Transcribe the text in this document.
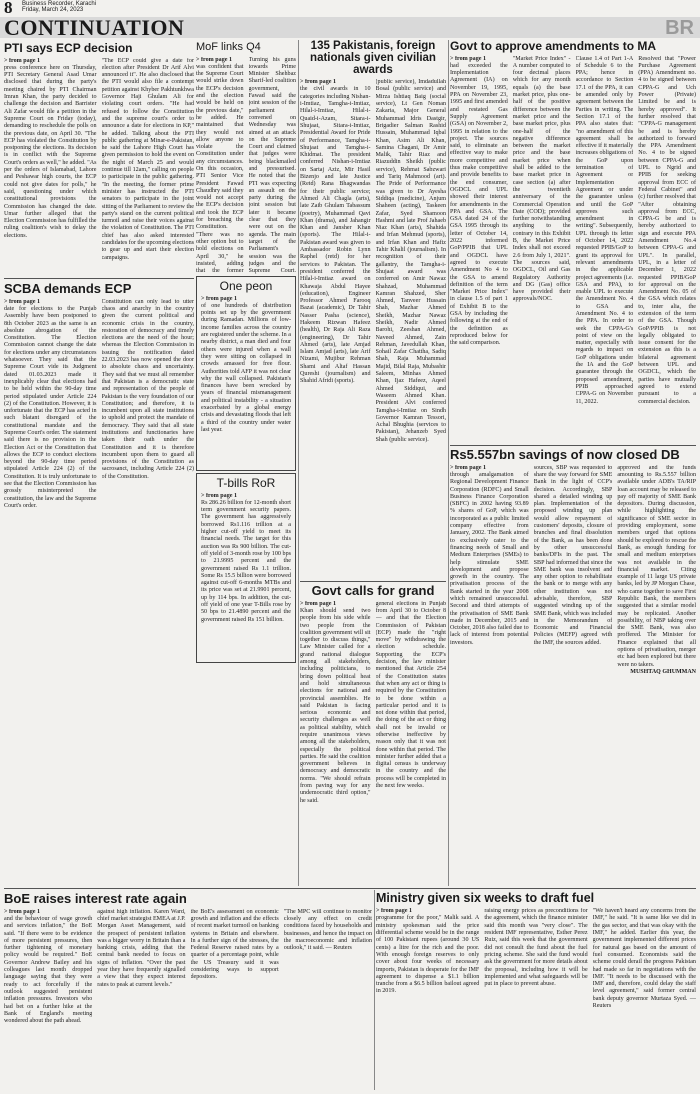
8 Business Recorder, Karachi
Friday, March 24, 2023
CONTINUATION	BR
PTI says ECP decision

> from page 1

press conference here on Thursday, PTI Secretary General Asad Umar disclosed that during the party's meeting chaired by PTI Chairman Imran Khan, the party decided to challenge the decision and Barrister Ali Zafar would file a petition in the Supreme Court on Friday (today), demanding to reschedule the polls on the previous date, on April 30. "The ECP has violated the Constitution by postponing the elections. Its decision is in conflict with the Supreme Court's orders as well," he added. "As per the orders of Islamabad, Lahore and Peshawar high courts, the ECP could not give dates for polls," he said, questioning under which constitutional provisions the Commission has changed the date. Umar further alleged that the Election Commission has fulfilled the ruling coalition's wish to delay the elections.

"The ECP could give a date for election after President Dr Arif Alvi announced it". He also disclosed that the PTI would also file a contempt petition against Khyber Pakhtunkhwa Governor Haji Ghulam Ali for violating court orders. "He had refused to follow the Constitution and the supreme court's order to announce a date for elections in KP," he added. Talking about the PTI public gathering at Minar-e-Pakistan, he said the Lahore High Court has given permission to hold the event on the night of March 25 and would continue till 12am," calling on people to participate in the public gathering. "In the meeting, the former prime minister has instructed the PTI senators to participate in the joint sitting of the Parliament to review the party's stand on the current political turmoil and raise their voices against the violation of Constitution. The PTI chief has also asked interested candidates for the upcoming elections to gear up and start their election campaigns.

MoF links Q4

> from page 1

was confident that the Supreme Court would strike down the ECP's decision and the election would be held on the previous date," he added. He maintained that they would not allow anyone to violate the Constitution under any circumstances. On this occasion, PTI Senior Vice President Fawad Chaudhry said they would not accept the ECP's decision and took the ECP for breaching the Constitution. "There was no other option but to hold elections on April 30," he insisted, adding that the former

Turning his guns towards Prime Minister Shehbaz Sharif-led coalition government, Fawad said the joint session of the parliament convened on Wednesday was aimed at an attack on the Supreme Court and claimed that judges were being blackmailed and pressurised. He noted that the PTI was expecting an assault on the party during the joint session but later it became clear that they were out on the agenda. The main target of the Parliament's session was the judges and the Supreme Court.

135 Pakistanis, foreign nationals given civilian awards

> from page 1

the civil awards in 10 categories including Nishan-i-Imtiaz, Tamgha-i-Imtiaz, Hilal-i-Imtiaz, Hilal-i-Quaid-i-Azam, Sitara-i-Shujaat, Sitara-i-Imtiaz, Presidential Award for Pride of Performance, Tamgha-i-Shujaat and Tamgha-i-Khidmat. The president conferred Nishan-i-Imtiaz on Sartaj Aziz, Mir Hasil Bizenjo and late Justice (Retd) Rana Bhagwandas for their public service; Ahmed Ali Chagla (arts), late Zaib Ghulam Tabassum (poetry), Muhammad Qavi Khan (drama), and Jahangir Khan and Jansher Khan (sports). The Hilal-i-Pakistan award was given to Ambassador Robin Lynn Raphel (retd) for her services to Pakistan. The president conferred the Hilal-i-Imtiaz award on Khawaja Abdul Hayee (education), Engineer Professor Ahmed Farooq Bazai (academic), Dr Tahir Nasser Pasha (science), Hakeem Rizwan Hafeez (health), Dr Raja Ali Raza (engineering), Dr Tahir Ahmed (arts), late Amjad Islam Amjad (arts), late Arif Nizami, Mujibur Rehman Shami and Altaf Hassan Qureshi (journalism) and Shahid Afridi (sports).

(public service), Imdadullah Bosal (public service) and Mirza Ishtiaq Baig (social service), Lt Gen Noman Zakaria, Major General Muhammad Idris Dastgir, Brigadier Salman Rashid Hussain, Muhammad Iqbal Khan, Asim Ali Khan, Samina Chagani, Dr Amir Malik, Tahir Riaz and Riazuddin Sheikh (public service), Rehmat Sabzwari and Tariq Mahmood (art). The Pride of Performance was given to Dr Ayesha Siddiqa (medicine), Anjum Shaheen (acting), Taskeen Zafar, Syed Shamoon Hashmi and late Prof Jahaeb Niaz Khan (arts), Shahida and Irfan Mehmud (sports), and Irfan Khan and Hafiz Tahir Khalil (journalism). In recognition of their gallantry, the Tamgha-i-Shujaat award was conferred on Amir Nawaz Shahzad, Muhammad Kamran Shahzed, Sher Ahmed, Tanveer Hussain Shah, Mazhar Ahmed Sheikh, Mazhar Nawaz Sheikh, Nadir Ahmed Barohi, Zeeshan Ahmed, Naveed Ahmed, Zain Rehman, Javedullah Khan, Sohail Zafar Chattha, Sadiq Shah, Raja Muhammad Majid, Bilal Raja, Mubashir Saleem, Minhas Ahmed Khan, Ijaz Hafeez, Aqeel Ahmed Siddiqui, and Waseem Ahmed Khan. President Alvi conferred Tamgha-i-Imtiaz on Sindh Governor Kamran Tessori, Achal Bhughia (services to Pakistan), Jehanzeb Syed Shah (public service).

One peon

> from page 1

of one hundreds of distribution points set up by the government during Ramadan. Millions of low-income families across the country are registered under the scheme. In a nearby district, a man died and four others were injured when a wall they were sitting on collapsed in crowds amassed for free flour. Authorities told AFP it was not clear why the wall collapsed. Pakistan's finances have been wrecked by years of financial mismanagement and political instability - a situation exacerbated by a global energy crisis and devastating floods that left a third of the country under water last year.

T-bills RoR

> from page 1

Rs 286.26 billion for 12-month short term government security papers. The government has aggressively borrowed Rs1.116 trillion at a higher cut-off yield to meet its financial needs. The target for this auction was Rs 900 billion. The cut-off yield of 3-month rose by 100 bps to 21.9995 percent and the government raised Rs 1.1 trillion. Some Rs 15.5 billion were borrowed against cut-off 6-months MTBs and its price was set at 21.9901 percent, up by 114 bps. In addition, the cut-off yield of one year T-Bills rose by 50 bps to 21.4890 percent and the government raised Rs 151 billion.

SCBA demands ECP

> from page 1

date for elections to the Punjab Assembly have been postponed to 8th October 2023 as the same is an absolute abrogation of the Constitution. The Election Commission cannot change the date for elections under any circumstances whatsoever. They said that the Supreme Court vide its Judgment dated 01.03.2023 made it inexplicably clear that elections had to be held within the 90-day time period stipulated under Article 224 (2) of the Constitution. However, it is unfortunate that the ECP has acted in such blatant disregard of the constitutional mandate and the Supreme Court's order. The statement said there is no provision in the Election Act or the Constitution that allows the ECP to conduct elections beyond the 90-day time period stipulated Article 224 (2) of the Constitution. It is truly unfortunate to see that the Election Commission has grossly misinterpreted the constitution, the law and the Supreme Court's order.

Constitution can only lead to utter chaos and anarchy in the country given the current political and economic crisis in the country, restoration of democracy and timely elections are the need of the hour; whereas the Election Commission in issuing the notification dated 22.03.2023 has now opened the door to absolute chaos and uncertainty. They said that we must all remember that Pakistan is a democratic state and representation of the people of Pakistan is the very foundation of our Constitution; and therefore, it is incumbent upon all state institutions to uphold and protect the mandate of democracy. They said that all state institutions and functionaries have taken their oath under the Constitution and it is therefore incumbent upon them to guard all provisions of the Constitution as sacrosanct, including Article 224 (2) of the Constitution.

Govt to approve amendments to MA

> from page 1

had exceeded the Implementation Agreement (IA) on November 19, 1995, PPA on November 23, 1995 and first amended and restated Gas Supply Agreement (GSA) on November 2, 1995 in relation to the project. The sources said, to eliminate an effective way to make more competitive and thus make competitive and provide benefits to the end consumer, OGDCL and UPL showed their interest for amendments in the PPA and GSA. The GSA dated 24 of the GSA 1995 through its letter of October 14, 2022 informed GoP/PPIB that UPL and OGDCL have agreed to execute Amendment No 4 to the GSA to amend definition of the term "Market Price Index" in clause 1.5 of part 1 of Exhibit B to the GSA by including the following at the end of the definition as reproduced below for the said comparison.

"Market Price Index" - A number computed to four decimal places which for any month equals (a) the base market price, plus one-half of the positive difference between the market price and the base market price, plus one-half of the negative difference between the market price and the base market price when shall be added to the base market price in case section (a) after the twentieth anniversary of the Commercial Operation Date (COD); provided further notwithstanding anything to the contrary in this Exhibit B, the Market Price Index shall not exceed 2.6 from July 1, 2021". The sources said, OGDCL, Oil and Gas Regulatory Authority and DG (Gas) office have provided their approvals/NOC.

Clause 1.4 of Part 1-A of Schedule 6 to the PPA; hence in accordance to Section 17.1 of the PPA, it can be amended only by agreement between the Parties in writing. The Section 17.1 of the PPA also states that: "no amendment of this agreement shall be effective if it materially increases obligations of the GoP upon termination of Agreement or Implementation Agreement or under the guarantee unless and until the GoP approves such amendment in writing". Subsequently, UPL through its letter of October 14, 2022 requested PPIB/GoP to grant its approval for relevant amendments in the applicable project agreements (i.e. GSA and PPA), to enable UPL to execute the Amendment No. 4 to GSA and Amendment No. 4 to the PPA. In order to seek the CPPA-G's point of view on the matter, especially with regards to impact on GoP obligations under the IA and the GoP guarantee through the proposed amendment, PPIB approached CPPA-G on November 11, 2022.

Resolved that "Power Purchase Agreement (PPA) Amendment no. 4 to be signed between CPPA-G and Uch Power (Private) Limited be and is hereby approved". It further resolved that "CPPA-G management be and is hereby authorized to forward the PPA Amendment No. 4 to be signed between CPPA-G and UPL to Ngrid and PPIB for seeking approval from ECC of Federal Cabinet" and (c) further resolved that "After obtaining approval from ECC, CPPA-G be and is hereby authorized to sign and execute PPA Amendment No.4 between CPPA-G and UPL". In parallel, UPL, in a letter of December 1, 2022 requested PPIB/GoP for approval on the Amendment No. 05 of the GSA which relates to, inter alia, the extension of the term of the GSA. Though GoP/PPIB is not legally obligated to issue consent for the extension as this is a bilateral agreement between UPL and OGDCL, which the parties have mutually agreed to extend pursuant to a commercial decision.

Rs5.557bn savings of now closed DB

> from page 1

through amalgamation of Regional Development Finance Corporation (RDFC) and Small Business Finance Corporation (SBFC) in 2002 having 93.89 % shares of GoP, which was incorporated as a public limited company effective from January, 2002. The Bank aimed to exclusively cater to the financing needs of Small and Medium Enterprises (SMEs) to help stimulate SME development and propose growth in the country. The privatisation process of the Bank started in the year 2008 which remained unsuccessful. Second and third attempts of the privatisation of SME Bank made in December, 2015 and October, 2018 also failed due to lack of interest from potential investors.

sources, SBP was requested to share the way forward for SME Bank in the light of CCP's decision. Accordingly, SBP shared a detailed winding up plan. Implementation of the proposed winding up plan would allow repayment of customers' deposits, closure of branches and final dissolution of the Bank, as has been done by other unsuccessful banks/DFIs in the past. The SBP had informed that since the SME bank was insolvent and any other option to rehabilitate the bank or to merge with any other institution was not advisable, therefore, SBP suggested winding up of the SME Bank, which was included in the Memorandum of Economic and Financial Policies (MEFP) agreed with the IMF, the sources added.

approved and the funds amounting to Rs.5.557 billion available under ADB's TA/RIP loan account may be released to pay off majority of SME Bank depositors. During discussion, while highlighting the significance of SME sector in providing employment, some members urged that options should be explored to rescue the Bank, as enough funding for small and medium enterprises was not available in the financial market. Citing example of 11 large US private banks, led by JP Morgan Chase, who came together to save First Republic Bank, the members suggested that a similar model may be replicated. Another possibility, of NBP taking over the SME Bank, was also proffered. The Minister for Finance explained that all options of privatisation, merger etc had been explored but there were no takers.

MUSHTAQ GHUMMAN

Govt calls for grand

> from page 1

Khan should send two people from his side while two people from the coalition government will sit together to discuss things," Law Minister called for a grand national dialogue among all stakeholders, including politicians, to bring down political heat and hold simultaneous elections for national and provincial assemblies. He said Pakistan is facing serious economic and security challenges as well as political stability, which require unanimous views among all the stakeholders, especially the political parties. He said the coalition government believes in democracy and democratic norms. "We should refrain from paving way for any undemocratic third option," he said.

general elections in Punjab from April 30 to October 8 — and that the Election Commission of Pakistan (ECP) made the "right move" by withdrawing the election schedule. Supporting the ECP's decision, the law minister mentioned that Article 254 of the Constitution states that when any act or thing is required by the Constitution to be done within a particular period and it is not done within that period, the doing of the act or thing shall not be invalid or otherwise ineffective by reason only that it was not done within that period. The minister further added that a digital census is underway in the country and the process will be completed in the next few weeks.

BoE raises interest rate again

> from page 1

and the behaviour of wage growth and services inflation," the BoE said. "If there were to be evidence of more persistent pressures, then further tightening of monetary policy would be required." BoE Governor Andrew Bailey and his colleagues last month dropped language saying that they were ready to act forcefully if the outlook suggested persistent inflation pressures. Investors who had bet on a further hike at the Bank of England's meeting wondered about the path ahead.

against high inflation. Karen Ward, chief market strategist EMEA at J.P. Morgan Asset Management, said the prospect of persistent inflation was a bigger worry in Britain than a banking crisis, adding that the central bank needed to focus on signs of inflation. "Over the past year they have frequently signalled a view that they expect interest rates to peak at current levels."

the BoE's assessment on economic growth and inflation and the effects of recent market turmoil on banking systems in Britain and elsewhere. In a further sign of the stresses, the Federal Reserve raised rates by a quarter of a percentage point, while the US Treasury said it was considering ways to support depositors.

"The MPC will continue to monitor closely any effect on credit conditions faced by households and businesses, and hence the impact on the macroeconomic and inflation outlook," it said. — Reuters

Ministry given six weeks to draft fuel

> from page 1

programme for the poor," Malik said. A ministry spokesman said the price differential scheme would be in the range of 100 Pakistani rupees (around 30 US cents) a litre for the rich and the poor. With enough foreign reserves to only cover about four weeks of necessary imports, Pakistan is desperate for the IMF agreement to dispense a $1.1 billion tranche from a $6.5 billion bailout agreed in 2019.

raising energy prices as preconditions for the agreement, which the finance minister said this month was "very close". The resident IMF representative, Esther Perez Ruiz, said this week that the government did not consult the fund about the fuel pricing scheme. She said the fund would ask the government for more details about the proposal, including how it will be implemented and what safeguards will be put in place to prevent abuse.

"We haven't heard any concerns from the IMF," he said. "It is same like we did in the gas sector, and that was okay with the IMF," he added. Earlier this year, the government implemented different prices for natural gas based on the amount of fuel consumed. Economists said the scheme could derail the progress Pakistan had made so far in negotiations with the IMF. "It needs to be discussed with the IMF and, therefore, could delay the staff level agreement," said former central bank deputy governor Murtaza Syed. — Reuters
